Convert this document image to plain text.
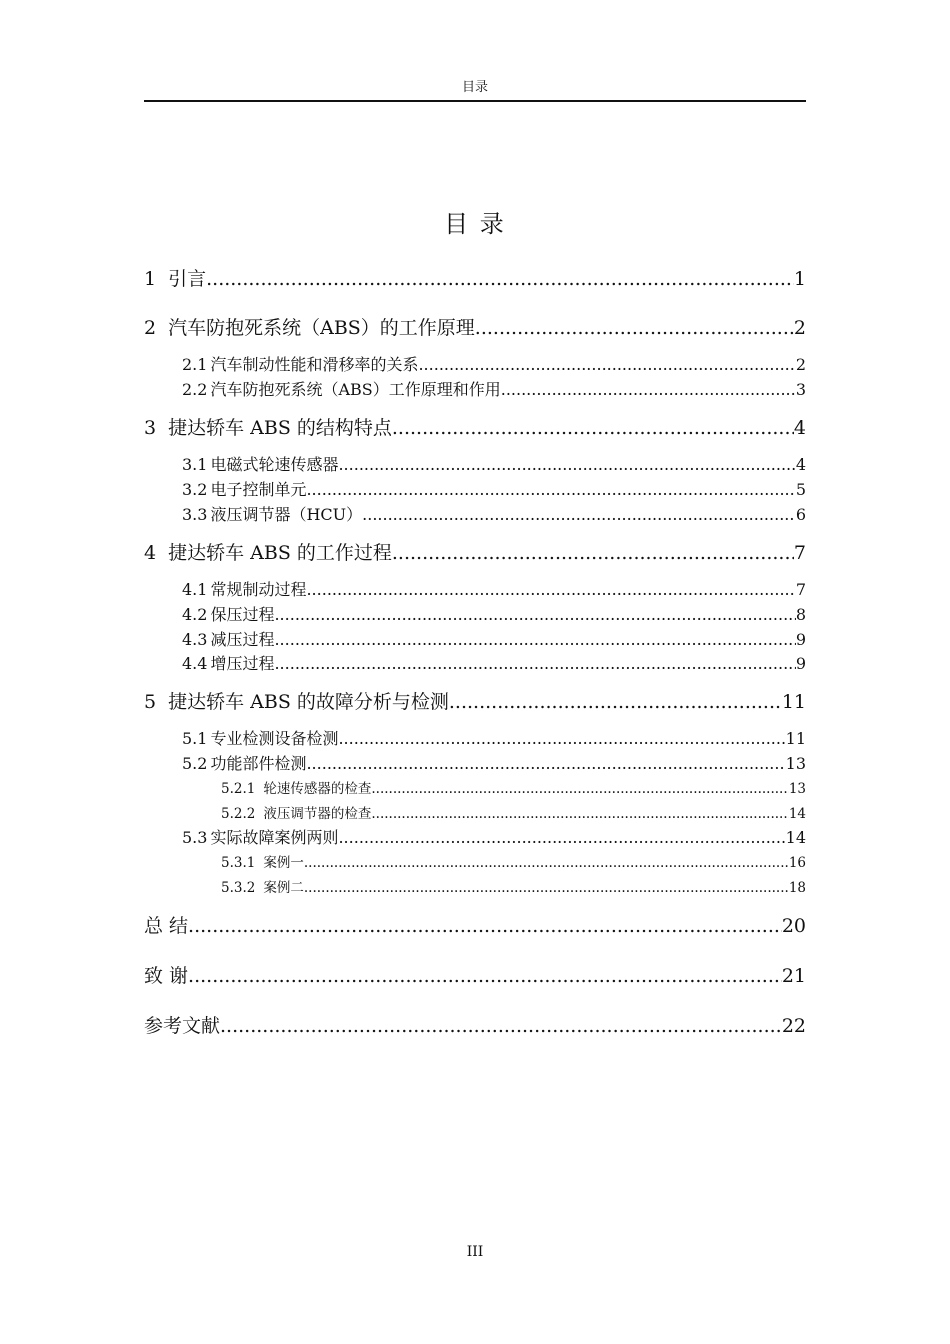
目录
目 录
1 引言 .....	1
2 汽车防抱死系统（ABS）的工作原理 .....	2
2.1 汽车制动性能和滑移率的关系 .....	2
2.2 汽车防抱死系统（ABS）工作原理和作用 .....	3
3 捷达轿车 ABS 的结构特点 .....	4
3.1 电磁式轮速传感器 .....	4
3.2 电子控制单元 .....	5
3.3 液压调节器（HCU） .....	6
4 捷达轿车 ABS 的工作过程 .....	7
4.1 常规制动过程 .....	7
4.2 保压过程 .....	8
4.3 减压过程 .....	9
4.4 增压过程 .....	9
5 捷达轿车 ABS 的故障分析与检测 .....	11
5.1 专业检测设备检测 .....	11
5.2 功能部件检测 .....	13
5.2.1 轮速传感器的检查 .....	13
5.2.2 液压调节器的检查 .....	14
5.3 实际故障案例两则 .....	14
5.3.1 案例一 .....	16
5.3.2 案例二 .....	18
总 结 .....	20
致 谢 .....	21
参考文献 .....	22
III
